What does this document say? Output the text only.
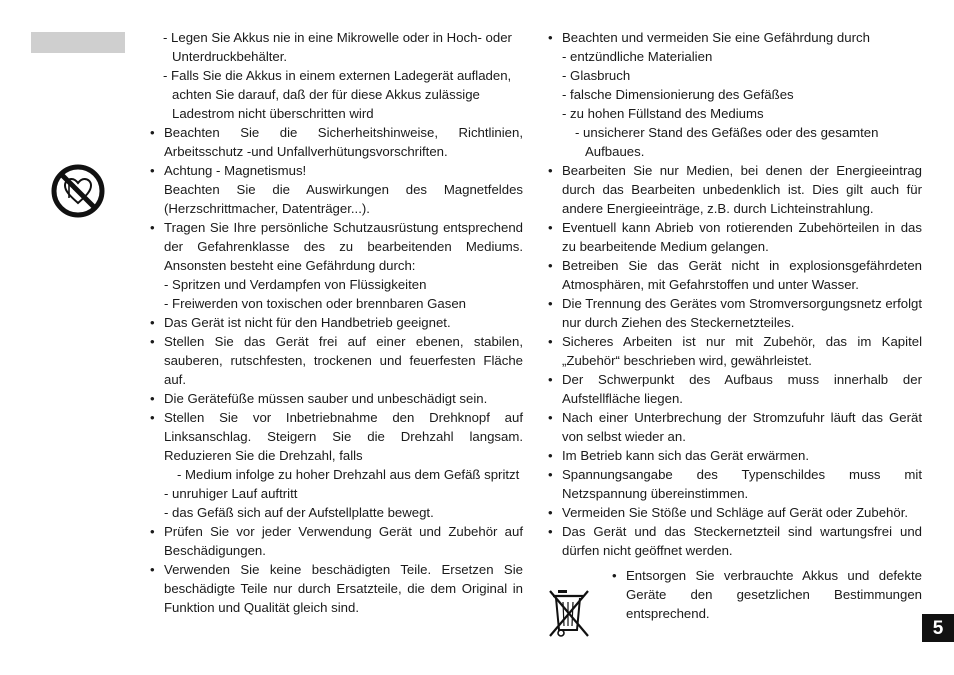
- Legen Sie Akkus nie in eine Mikrowelle oder in Hoch- oder Unterdruckbehälter.
- Falls Sie die Akkus in einem externen Ladegerät aufladen, achten Sie darauf, daß der für diese Akkus zulässige Ladestrom nicht überschritten wird
• Beachten Sie die Sicherheitshinweise, Richtlinien, Arbeitsschutz -und Unfallverhütungsvorschriften.
• Achtung - Magnetismus!
Beachten Sie die Auswirkungen des Magnetfeldes (Herzschrittmacher, Datenträger...).
• Tragen Sie Ihre persönliche Schutzausrüstung entsprechend der Gefahrenklasse des zu bearbeitenden Mediums. Ansonsten besteht eine Gefährdung durch:
- Spritzen und Verdampfen von Flüssigkeiten
- Freiwerden von toxischen oder brennbaren Gasen
• Das Gerät ist nicht für den Handbetrieb geeignet.
• Stellen Sie das Gerät frei auf einer ebenen, stabilen, sauberen, rutschfesten, trockenen und feuerfesten Fläche auf.
• Die Gerätefüße müssen sauber und unbeschädigt sein.
• Stellen Sie vor Inbetriebnahme den Drehknopf auf Linksanschlag. Steigern Sie die Drehzahl langsam. Reduzieren Sie die Drehzahl, falls
- Medium infolge zu hoher Drehzahl aus dem Gefäß spritzt
- unruhiger Lauf auftritt
- das Gefäß sich auf der Aufstellplatte bewegt.
• Prüfen Sie vor jeder Verwendung Gerät und Zubehör auf Beschädigungen.
• Verwenden Sie keine beschädigten Teile. Ersetzen Sie beschädigte Teile nur durch Ersatzteile, die dem Original in Funktion und Qualität gleich sind.
• Beachten und vermeiden Sie eine Gefährdung durch
- entzündliche Materialien
- Glasbruch
- falsche Dimensionierung des Gefäßes
- zu hohen Füllstand des Mediums
- unsicherer Stand des Gefäßes oder des gesamten Aufbaues.
• Bearbeiten Sie nur Medien, bei denen der Energieeintrag durch das Bearbeiten unbedenklich ist. Dies gilt auch für andere Energieeinträge, z.B. durch Lichteinstrahlung.
• Eventuell kann Abrieb von rotierenden Zubehörteilen in das zu bearbeitende Medium gelangen.
• Betreiben Sie das Gerät nicht in explosionsgefährdeten Atmosphären, mit Gefahrstoffen und unter Wasser.
• Die Trennung des Gerätes vom Stromversorgungsnetz erfolgt nur durch Ziehen des Steckernetzteiles.
• Sicheres Arbeiten ist nur mit Zubehör, das im Kapitel „Zubehör“ beschrieben wird, gewährleistet.
• Der Schwerpunkt des Aufbaus muss innerhalb der Aufstellfläche liegen.
• Nach einer Unterbrechung der Stromzufuhr läuft das Gerät von selbst wieder an.
• Im Betrieb kann sich das Gerät erwärmen.
• Spannungsangabe des Typenschildes muss mit Netzspannung übereinstimmen.
• Vermeiden Sie Stöße und Schläge auf Gerät oder Zubehör.
• Das Gerät und das Steckernetzteil sind wartungsfrei und dürfen nicht geöffnet werden.
• Entsorgen Sie verbrauchte Akkus und defekte Geräte den gesetzlichen Bestimmungen entsprechend.
5
